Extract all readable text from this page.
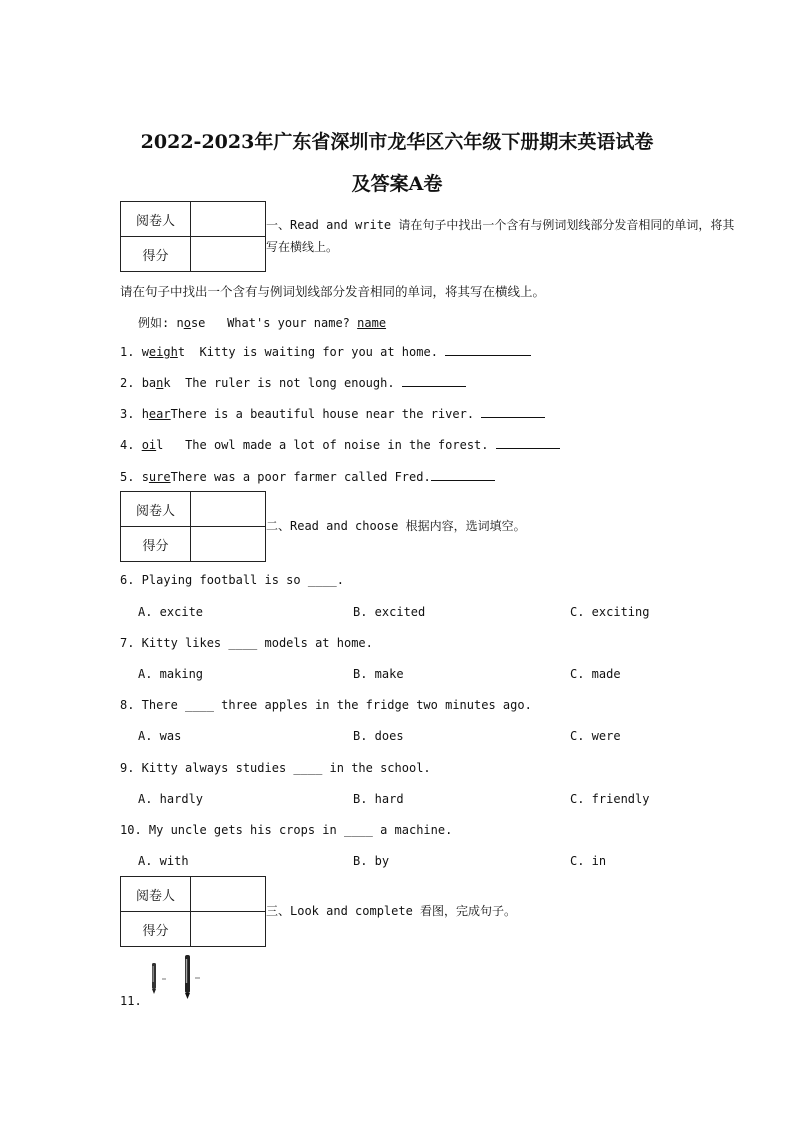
2022-2023年广东省深圳市龙华区六年级下册期末英语试卷
及答案A卷
阅卷人	
得分	
一、Read and write 请在句子中找出一个含有与例词划线部分发音相同的单词，将其
写在横线上。
请在句子中找出一个含有与例词划线部分发音相同的单词，将其写在横线上。
例如: nose What's your name? name
1. weight Kitty is waiting for you at home.
2. bank The ruler is not long enough.
3. hearThere is a beautiful house near the river.
4. oil The owl made a lot of noise in the forest.
5. sureThere was a poor farmer called Fred.
阅卷人	
得分	
二、Read and choose 根据内容，选词填空。
6. Playing football is so ____.
A. excite	B. excited	C. exciting
7. Kitty likes ____ models at home.
A. making	B. make	C. made
8. There ____ three apples in the fridge two minutes ago.
A. was	B. does	C. were
9. Kitty always studies ____ in the school.
A. hardly	B. hard	C. friendly
10. My uncle gets his crops in ____ a machine.
A. with	B. by	C. in
阅卷人	
得分	
三、Look and complete 看图，完成句子。
11.
